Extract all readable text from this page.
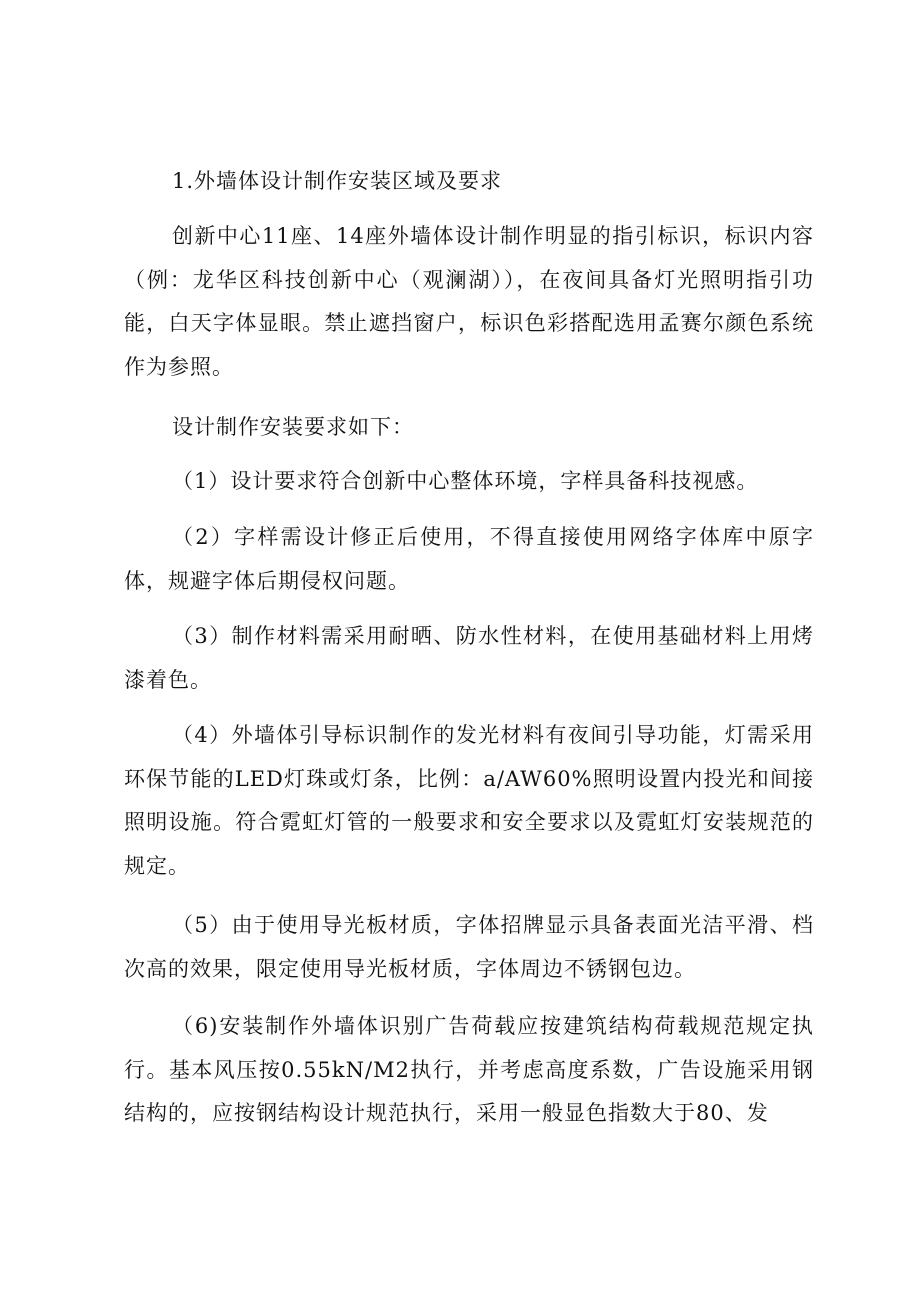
1.外墙体设计制作安装区域及要求

创新中心11座、14座外墙体设计制作明显的指引标识，标识内容（例：龙华区科技创新中心（观澜湖）），在夜间具备灯光照明指引功能，白天字体显眼。禁止遮挡窗户，标识色彩搭配选用孟赛尔颜色系统作为参照。

设计制作安装要求如下：

（1）设计要求符合创新中心整体环境，字样具备科技视感。

（2）字样需设计修正后使用，不得直接使用网络字体库中原字体，规避字体后期侵权问题。

（3）制作材料需采用耐晒、防水性材料，在使用基础材料上用烤漆着色。

（4）外墙体引导标识制作的发光材料有夜间引导功能，灯需采用环保节能的LED灯珠或灯条，比例：a/AW60%照明设置内投光和间接照明设施。符合霓虹灯管的一般要求和安全要求以及霓虹灯安装规范的规定。

（5）由于使用导光板材质，字体招牌显示具备表面光洁平滑、档次高的效果，限定使用导光板材质，字体周边不锈钢包边。

（6)安装制作外墙体识别广告荷载应按建筑结构荷载规范规定执行。基本风压按0.55kN/M2执行，并考虑高度系数，广告设施采用钢结构的，应按钢结构设计规范执行，采用一般显色指数大于80、发
